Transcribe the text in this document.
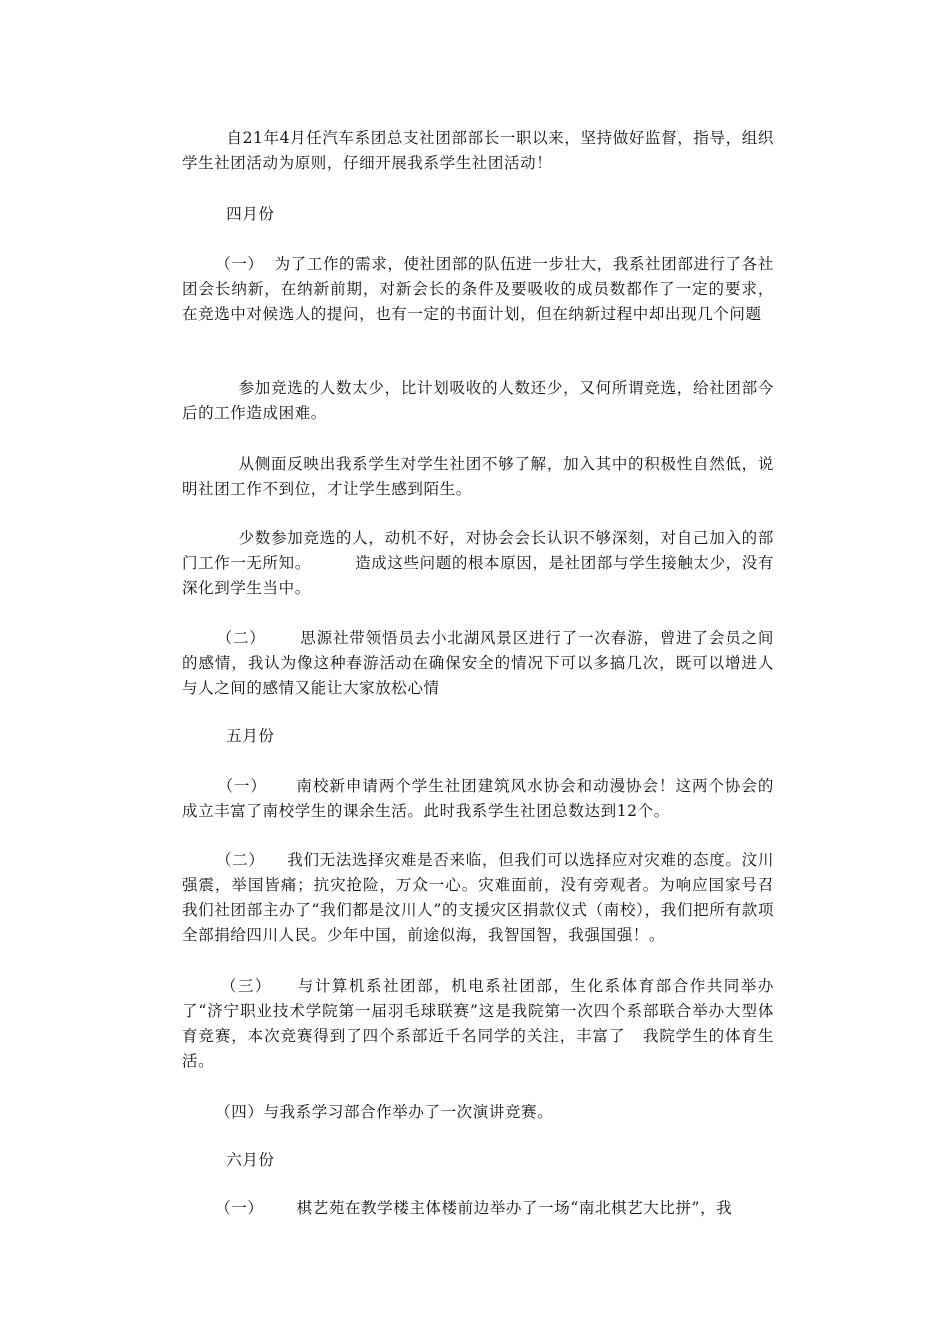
自21年4月任汽车系团总支社团部部长一职以来，坚持做好监督，指导，组织学生社团活动为原则，仔细开展我系学生社团活动！

四月份

（一）  为了工作的需求，使社团部的队伍进一步壮大，我系社团部进行了各社团会长纳新，在纳新前期，对新会长的条件及要吸收的成员数都作了一定的要求，在竞选中对候选人的提问，也有一定的书面计划，但在纳新过程中却出现几个问题

参加竞选的人数太少，比计划吸收的人数还少，又何所谓竞选，给社团部今后的工作造成困难。

从侧面反映出我系学生对学生社团不够了解，加入其中的积极性自然低，说明社团工作不到位，才让学生感到陌生。

少数参加竞选的人，动机不好，对协会会长认识不够深刻，对自己加入的部门工作一无所知。        造成这些问题的根本原因，是社团部与学生接触太少，没有深化到学生当中。

（二）      思源社带领悟员去小北湖风景区进行了一次春游，曾进了会员之间的感情，我认为像这种春游活动在确保安全的情况下可以多搞几次，既可以增进人与人之间的感情又能让大家放松心情

五月份

（一）     南校新申请两个学生社团建筑风水协会和动漫协会！这两个协会的成立丰富了南校学生的课余生活。此时我系学生社团总数达到12个。

（二）    我们无法选择灾难是否来临，但我们可以选择应对灾难的态度。汶川强震，举国皆痛；抗灾抢险，万众一心。灾难面前，没有旁观者。为响应国家号召我们社团部主办了“我们都是汶川人”的支援灾区捐款仪式（南校），我们把所有款项全部捐给四川人民。少年中国，前途似海，我智国智，我强国强！。

（三）    与计算机系社团部，机电系社团部，生化系体育部合作共同举办了“济宁职业技术学院第一届羽毛球联赛”这是我院第一次四个系部联合举办大型体育竞赛，本次竞赛得到了四个系部近千名同学的关注，丰富了   我院学生的体育生活。

（四）与我系学习部合作举办了一次演讲竞赛。

六月份

（一）      棋艺苑在教学楼主体楼前边举办了一场“南北棋艺大比拼”，我
